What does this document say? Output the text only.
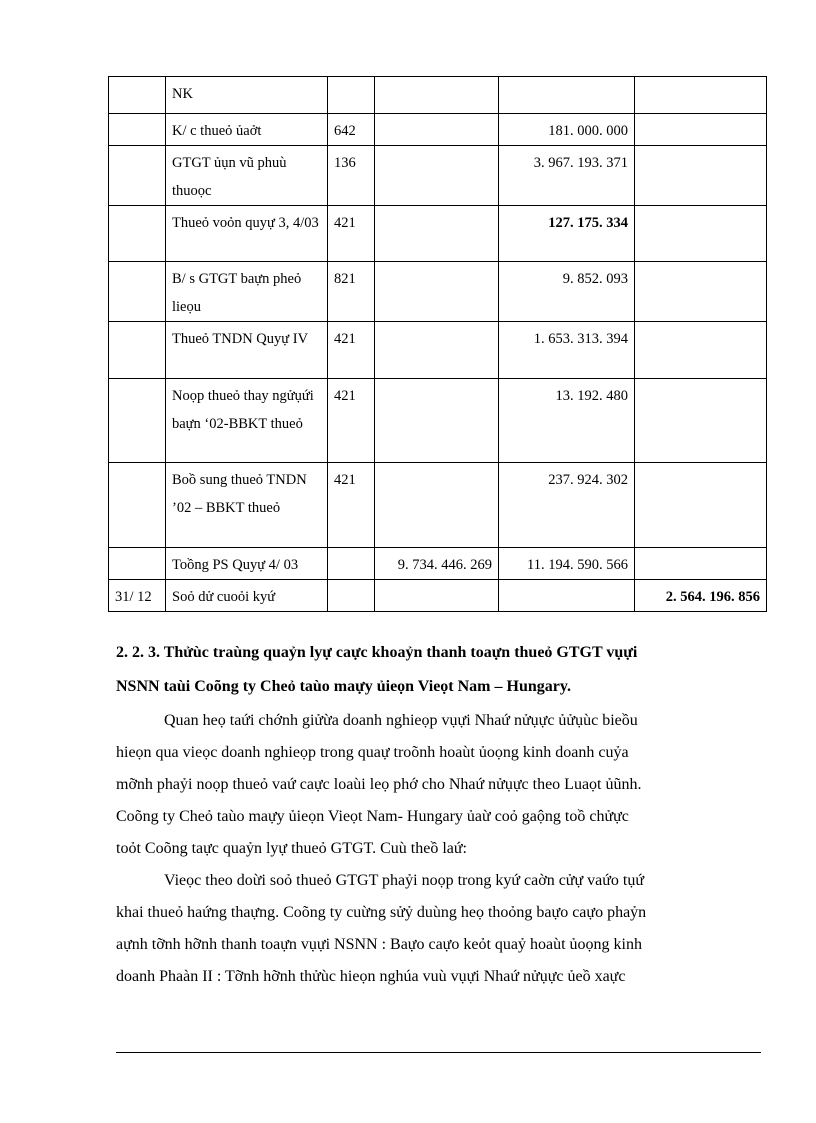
	NK				
	K/ c thueỏ ủaởt	642		181. 000. 000	
	GTGT ủụn vũ phuù thuoọc	136		3. 967. 193. 371	
	Thueỏ voỏn quyự 3, 4/03	421		127. 175. 334	
	B/ s GTGT baựn pheỏ lieọu	821		9. 852. 093	
	Thueỏ TNDN Quyự IV	421		1. 653. 313. 394	
	Noọp thueỏ thay ngửụứi baựn ‘02-BBKT thueỏ	421		13. 192. 480	
	Boồ sung thueỏ TNDN ’02 – BBKT thueỏ	421		237. 924. 302	
	Toồng PS Quyự 4/ 03		9. 734. 446. 269	11. 194. 590. 566	
31/ 12	Soỏ dử cuoỏi kyứ				2. 564. 196. 856

2. 2. 3. Thửùc traùng quaỷn lyự caực khoaỷn thanh toaựn thueỏ GTGT vụựi

NSNN taùi Coõng ty Cheỏ taùo maựy ủieọn Vieọt Nam – Hungary.

Quan heọ taứi chớnh giửừa doanh nghieọp vụựi Nhaứ nửụực ủửụùc bieồu
hieọn qua vieọc doanh nghieọp trong quaự troõnh hoaùt ủoọng kinh doanh cuỷa
mỡnh phaỷi noọp thueỏ vaứ caực loaùi leọ phớ cho Nhaứ nửụực theo Luaọt ủũnh.
Coõng ty Cheỏ taùo maựy ủieọn Vieọt Nam- Hungary ủaừ coỏ gaộng toồ chửực
toỏt Coõng taực quaỷn lyự thueỏ GTGT. Cuù theồ laứ:
Vieọc theo doừi soỏ thueỏ GTGT phaỷi noọp trong kyứ caờn cửự vaứo tụứ
khai thueỏ haứng thaựng. Coõng ty cuừng sửỷ duùng heọ thoỏng baựo caựo phaỷn
aựnh tỡnh hỡnh thanh toaựn vụựi NSNN : Baựo caựo keỏt quaỷ hoaùt ủoọng kinh
doanh Phaàn II : Tỡnh hỡnh thửùc hieọn nghúa vuù vụựi Nhaứ nửụực ủeồ xaực
